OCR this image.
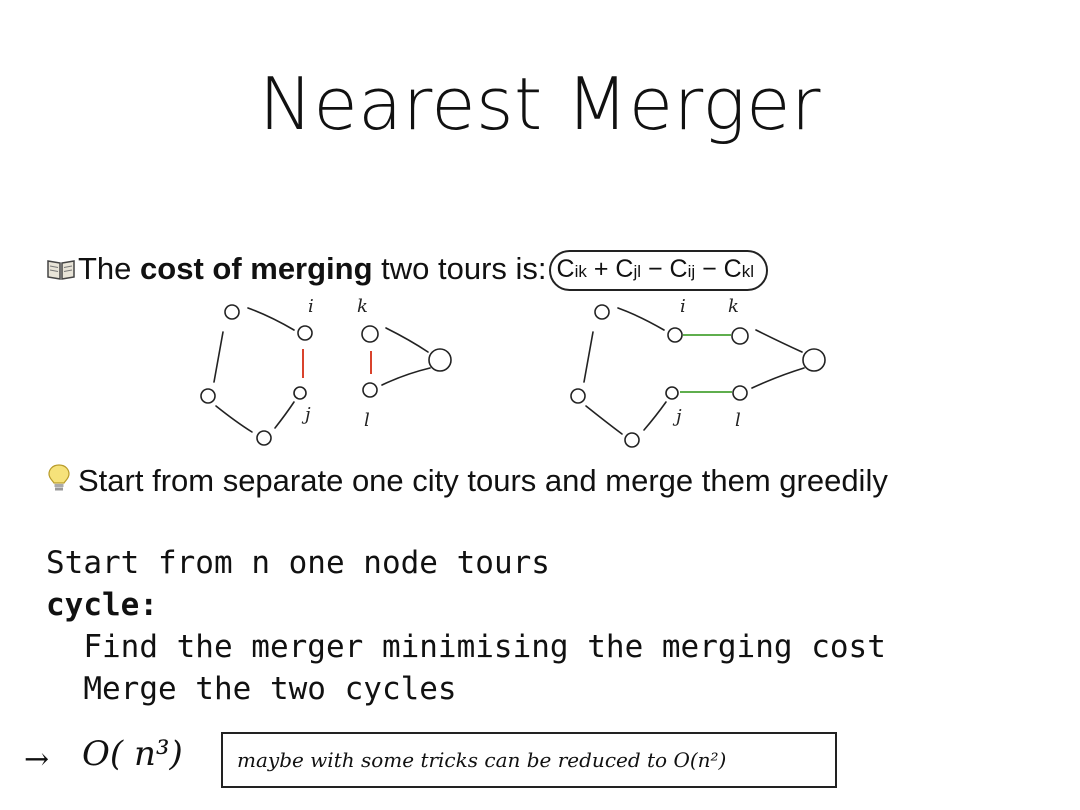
Nearest Merger
The cost of merging two tours is: Cik + Cjl − Cij − Ckl
i k
j	l
i k
j	l
Start from separate one city tours and merge them greedily
Start from n one node tours
cycle:
Find the merger minimising the merging cost
Merge the two cycles
→ O( n³)	maybe with some tricks can be reduced to O(n²)
